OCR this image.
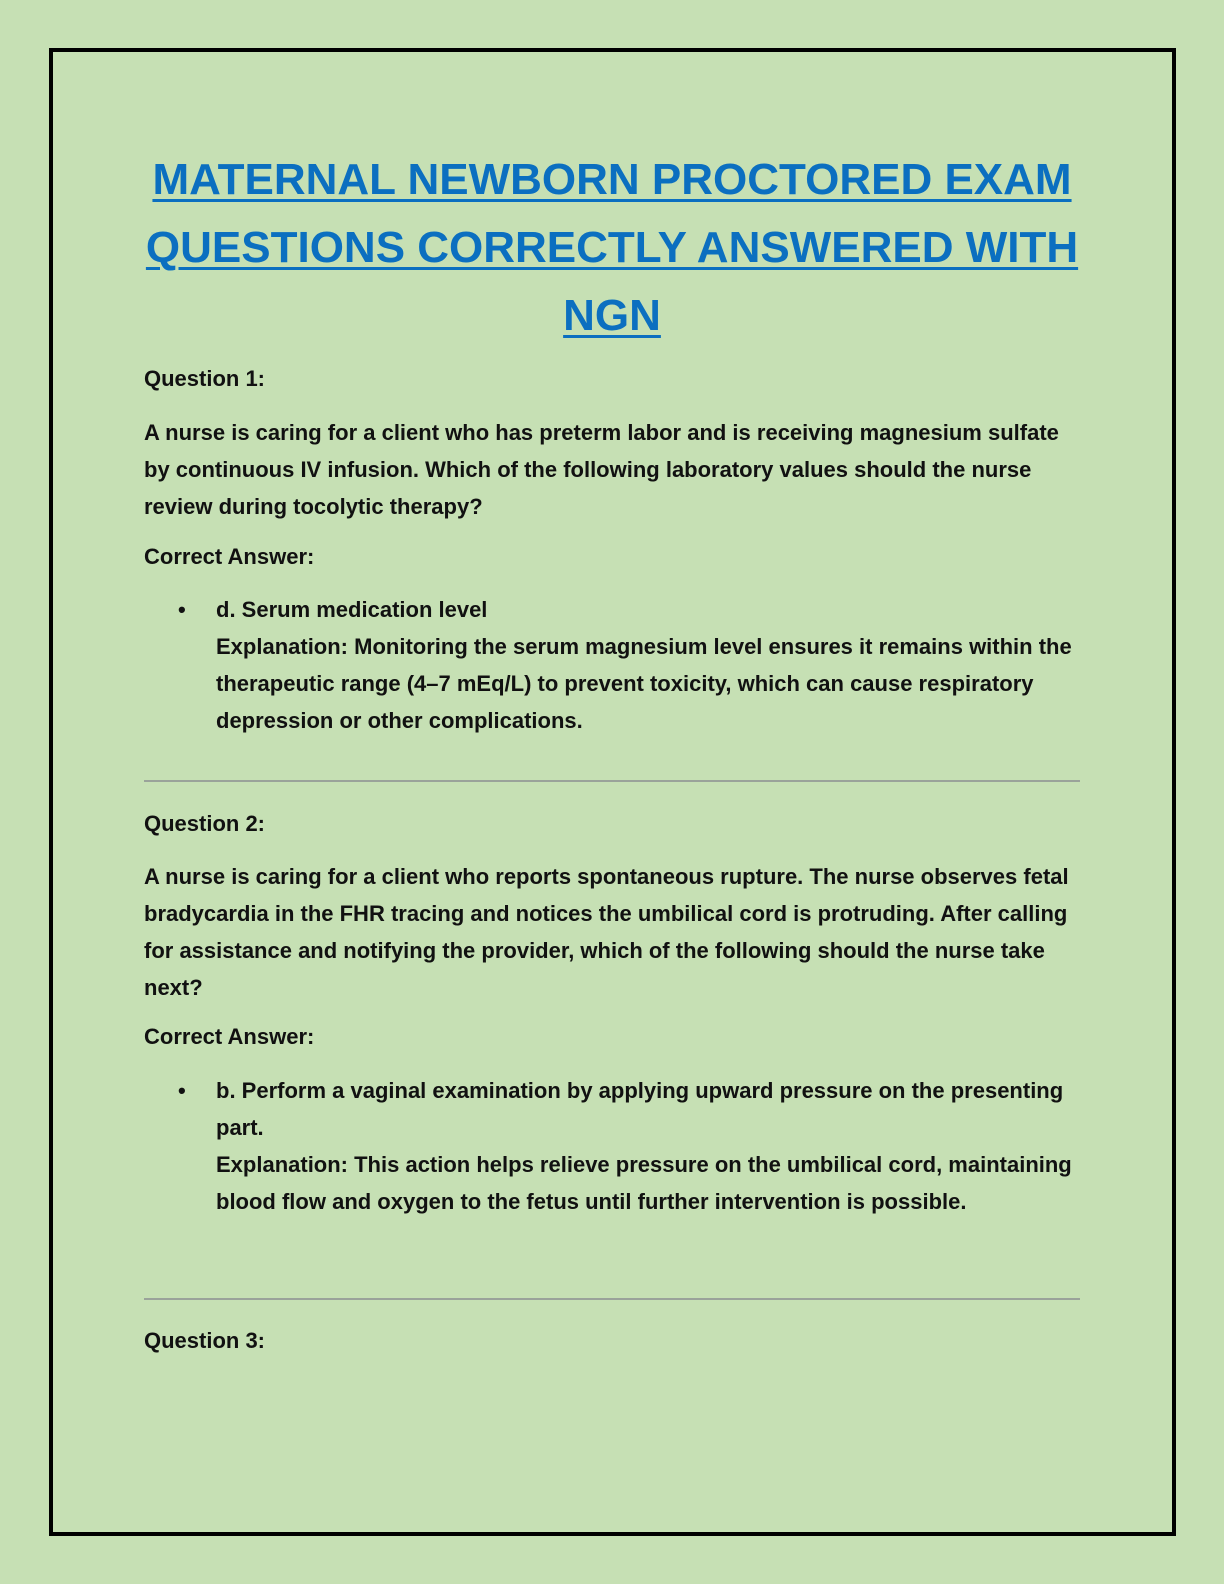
MATERNAL NEWBORN PROCTORED EXAM
QUESTIONS CORRECTLY ANSWERED WITH
NGN

Question 1:

A nurse is caring for a client who has preterm labor and is receiving magnesium sulfate by continuous IV infusion. Which of the following laboratory values should the nurse review during tocolytic therapy?

Correct Answer:

• d. Serum medication level

Explanation: Monitoring the serum magnesium level ensures it remains within the therapeutic range (4–7 mEq/L) to prevent toxicity, which can cause respiratory depression or other complications.

Question 2:

A nurse is caring for a client who reports spontaneous rupture. The nurse observes fetal bradycardia in the FHR tracing and notices the umbilical cord is protruding. After calling for assistance and notifying the provider, which of the following should the nurse take next?

Correct Answer:

• b. Perform a vaginal examination by applying upward pressure on the presenting part.

Explanation: This action helps relieve pressure on the umbilical cord, maintaining blood flow and oxygen to the fetus until further intervention is possible.

Question 3:
